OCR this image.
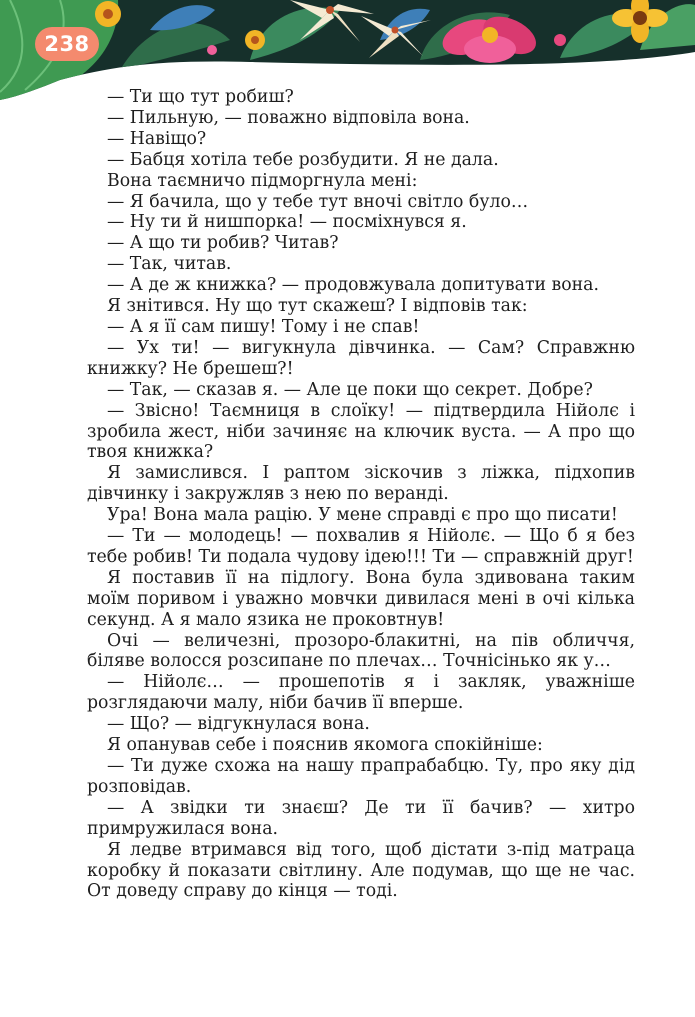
238

— Ти що тут робиш?

— Пильную, — поважно відповіла вона.

— Навіщо?

— Бабця хотіла тебе розбудити. Я не дала.

Вона таємничо підморгнула мені:

— Я бачила, що у тебе тут вночі світло було…

— Ну ти й нишпорка! — посміхнувся я.

— А що ти робив? Читав?

— Так, читав.

— А де ж книжка? — продовжувала допитувати вона.

Я знітився. Ну що тут скажеш? І відповів так:

— А я її сам пишу! Тому і не спав!

— Ух ти! — вигукнула дівчинка. — Сам? Справжню книжку? Не брешеш?!

— Так, — сказав я. — Але це поки що секрет. Добре?

— Звісно! Таємниця в слоїку! — підтвердила Нійолє і зробила жест, ніби зачиняє на ключик вуста. — А про що твоя книжка?

Я замислився. І раптом зіскочив з ліжка, підхопив дівчинку і закружляв з нею по веранді.

Ура! Вона мала рацію. У мене справді є про що писати!

— Ти — молодець! — похвалив я Нійолє. — Що б я без тебе робив! Ти подала чудову ідею!!! Ти — справжній друг!

Я поставив її на підлогу. Вона була здивована таким моїм поривом і уважно мовчки дивилася мені в очі кілька секунд. А я мало язика не проковтнув!

Очі — величезні, прозоро-блакитні, на пів обличчя, біляве волосся розсипане по плечах… Точнісінько як у…

— Нійолє… — прошепотів я і закляк, уважніше розглядаючи малу, ніби бачив її вперше.

— Що? — відгукнулася вона.

Я опанував себе і пояснив якомога спокійніше:

— Ти дуже схожа на нашу прапрабабцю. Ту, про яку дід розповідав.

— А звідки ти знаєш? Де ти її бачив? — хитро примружилася вона.

Я ледве втримався від того, щоб дістати з-під матраца коробку й показати світлину. Але подумав, що ще не час. От доведу справу до кінця — тоді.
